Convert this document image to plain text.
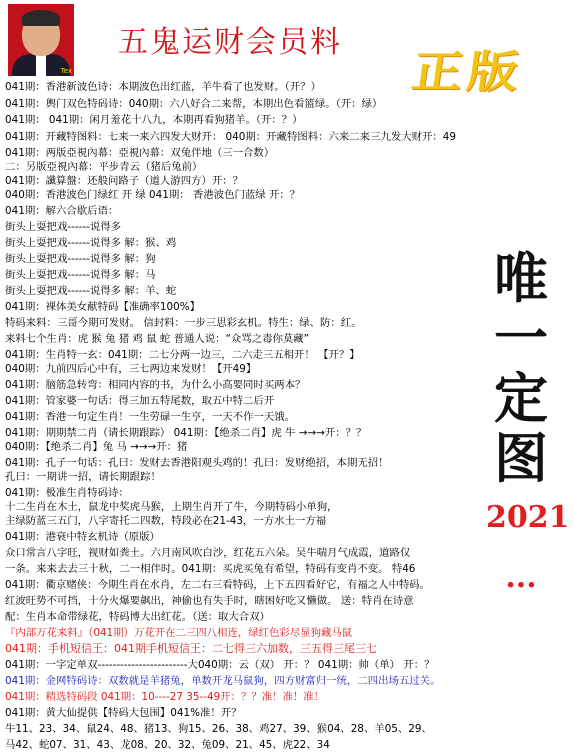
Tex
五鬼运财会员料
正版
唯
一
定
图
2021 ...
041期：香港新波色诗：本期波色出红蓝，羊牛看了也发财。（开？）
041期：輿门双色特码诗：040期：六八好合二来帮，本期出色看篮绿。（开：绿）
041期： 041期：闲月羞花十八九，本期再看狗猪羊。（开：？）
041期：开藏特图料：七来一来六四发大财开： 040期：开藏特图料：六来二来三九发大财开：49
041期：两版亞視內幕：亞視內幕：双兔伴地（三一合数）
二：另版亞視內幕：平步青云（猪后兔前）
041期：讖算盤：还般问路子（道人游四方）开：？
040期：香港波色门绿红 开 绿 041期： 香港波色门蓝绿 开：？
041期：解六合歇后语：
街头上耍把戏------说得多
街头上耍把戏------说得多 解：猴、鸡
街头上耍把戏------说得多 解：狗
街头上耍把戏------说得多 解：马
街头上耍把戏------说得多 解：羊、蛇
041期：裸体美女献特码【准确率100%】
特码来料：三哥今期可发财。 信封料：一步三思彩玄机。特生：绿、防：红。
来料七个生肖：虎 猴 兔 猪 鸡 鼠 蛇 普通人说：“众骂之毒你莫藏”
041期：生肖特一玄：041期：二七分两一边三，二六走三五相开！ 【开？】
040期：九前四后心中有，三七两边来发财！【开49】
041期：脑筋急转弯：相同内容的书，为什么小高要同时买两本？
041期：管家婆一句话：得三加五特尾数，取五中特二后开
041期：香港一句定生肖！一生劳碌一生亨，一天不作一天饿。
041期：期期禁二肖（请长期跟踪） 041期：【绝杀二肖】虎 牛 →→→开：？？
040期：【绝杀二肖】兔 马 →→→开：猪
041期：孔子一句话：孔曰：发财去香港阳观头鸡的！孔曰：发财绝招，本期无招！
孔曰：一期讲一招，请长期跟踪！
041期：极准生肖特码诗：
十二生肖在木土，鼠龙中奖虎马猴，上期生肖开了牛，今期特码小单狗，
主绿防蓝三五门，八字寄托二四数，特段必在21-43，一方水土一方福
041期：港衰中特玄机诗（原版）
众口常言八字旺，视财如粪土。六月南风吹白沙，红花五六朵。吴牛喘月气成霞，道路仅
一条。来来去去三十秋，二一相伴时。041期：买虎买兔有希望，特码有变肖不变。 特46
041期：衢京赌侠：今期生肖在水肖，左二右三看特码，上下五四看好它，有福之人中特码。
红波旺势不可挡，十分火爆要飙出，神偷也有失手时，瞎困好吃又懒做。 送：特肖在诗意
配：生肖本命带绿花，特码博大出红花。（送：取大合双）
『内部万花来料』（041期）万花开在二三四八相连，绿红色彩尽显狗藏马鼠
041期：手机短信王：041期手机短信王：二七得三六加数，三五得三尾三七
041期：一字定单双------------------------大040期：云（双） 开：？ 041期：帅（单） 开：？
041期：金网特码诗：双数就是羊猪兔，单数开龙马鼠狗，四方财富归一统，二四出场五过关。
041期：精选特码段 041期：10----27 35--49开：？？准！准！准！
041期：黄大仙提供【特码大包围】041%准！开？
牛11、23、34、鼠24、48、猪13、狗15、26、38、鸡27、39、猴04、28、羊05、29、
马42、蛇07、31、43、龙08、20、32、兔09、21、45、虎22、34
